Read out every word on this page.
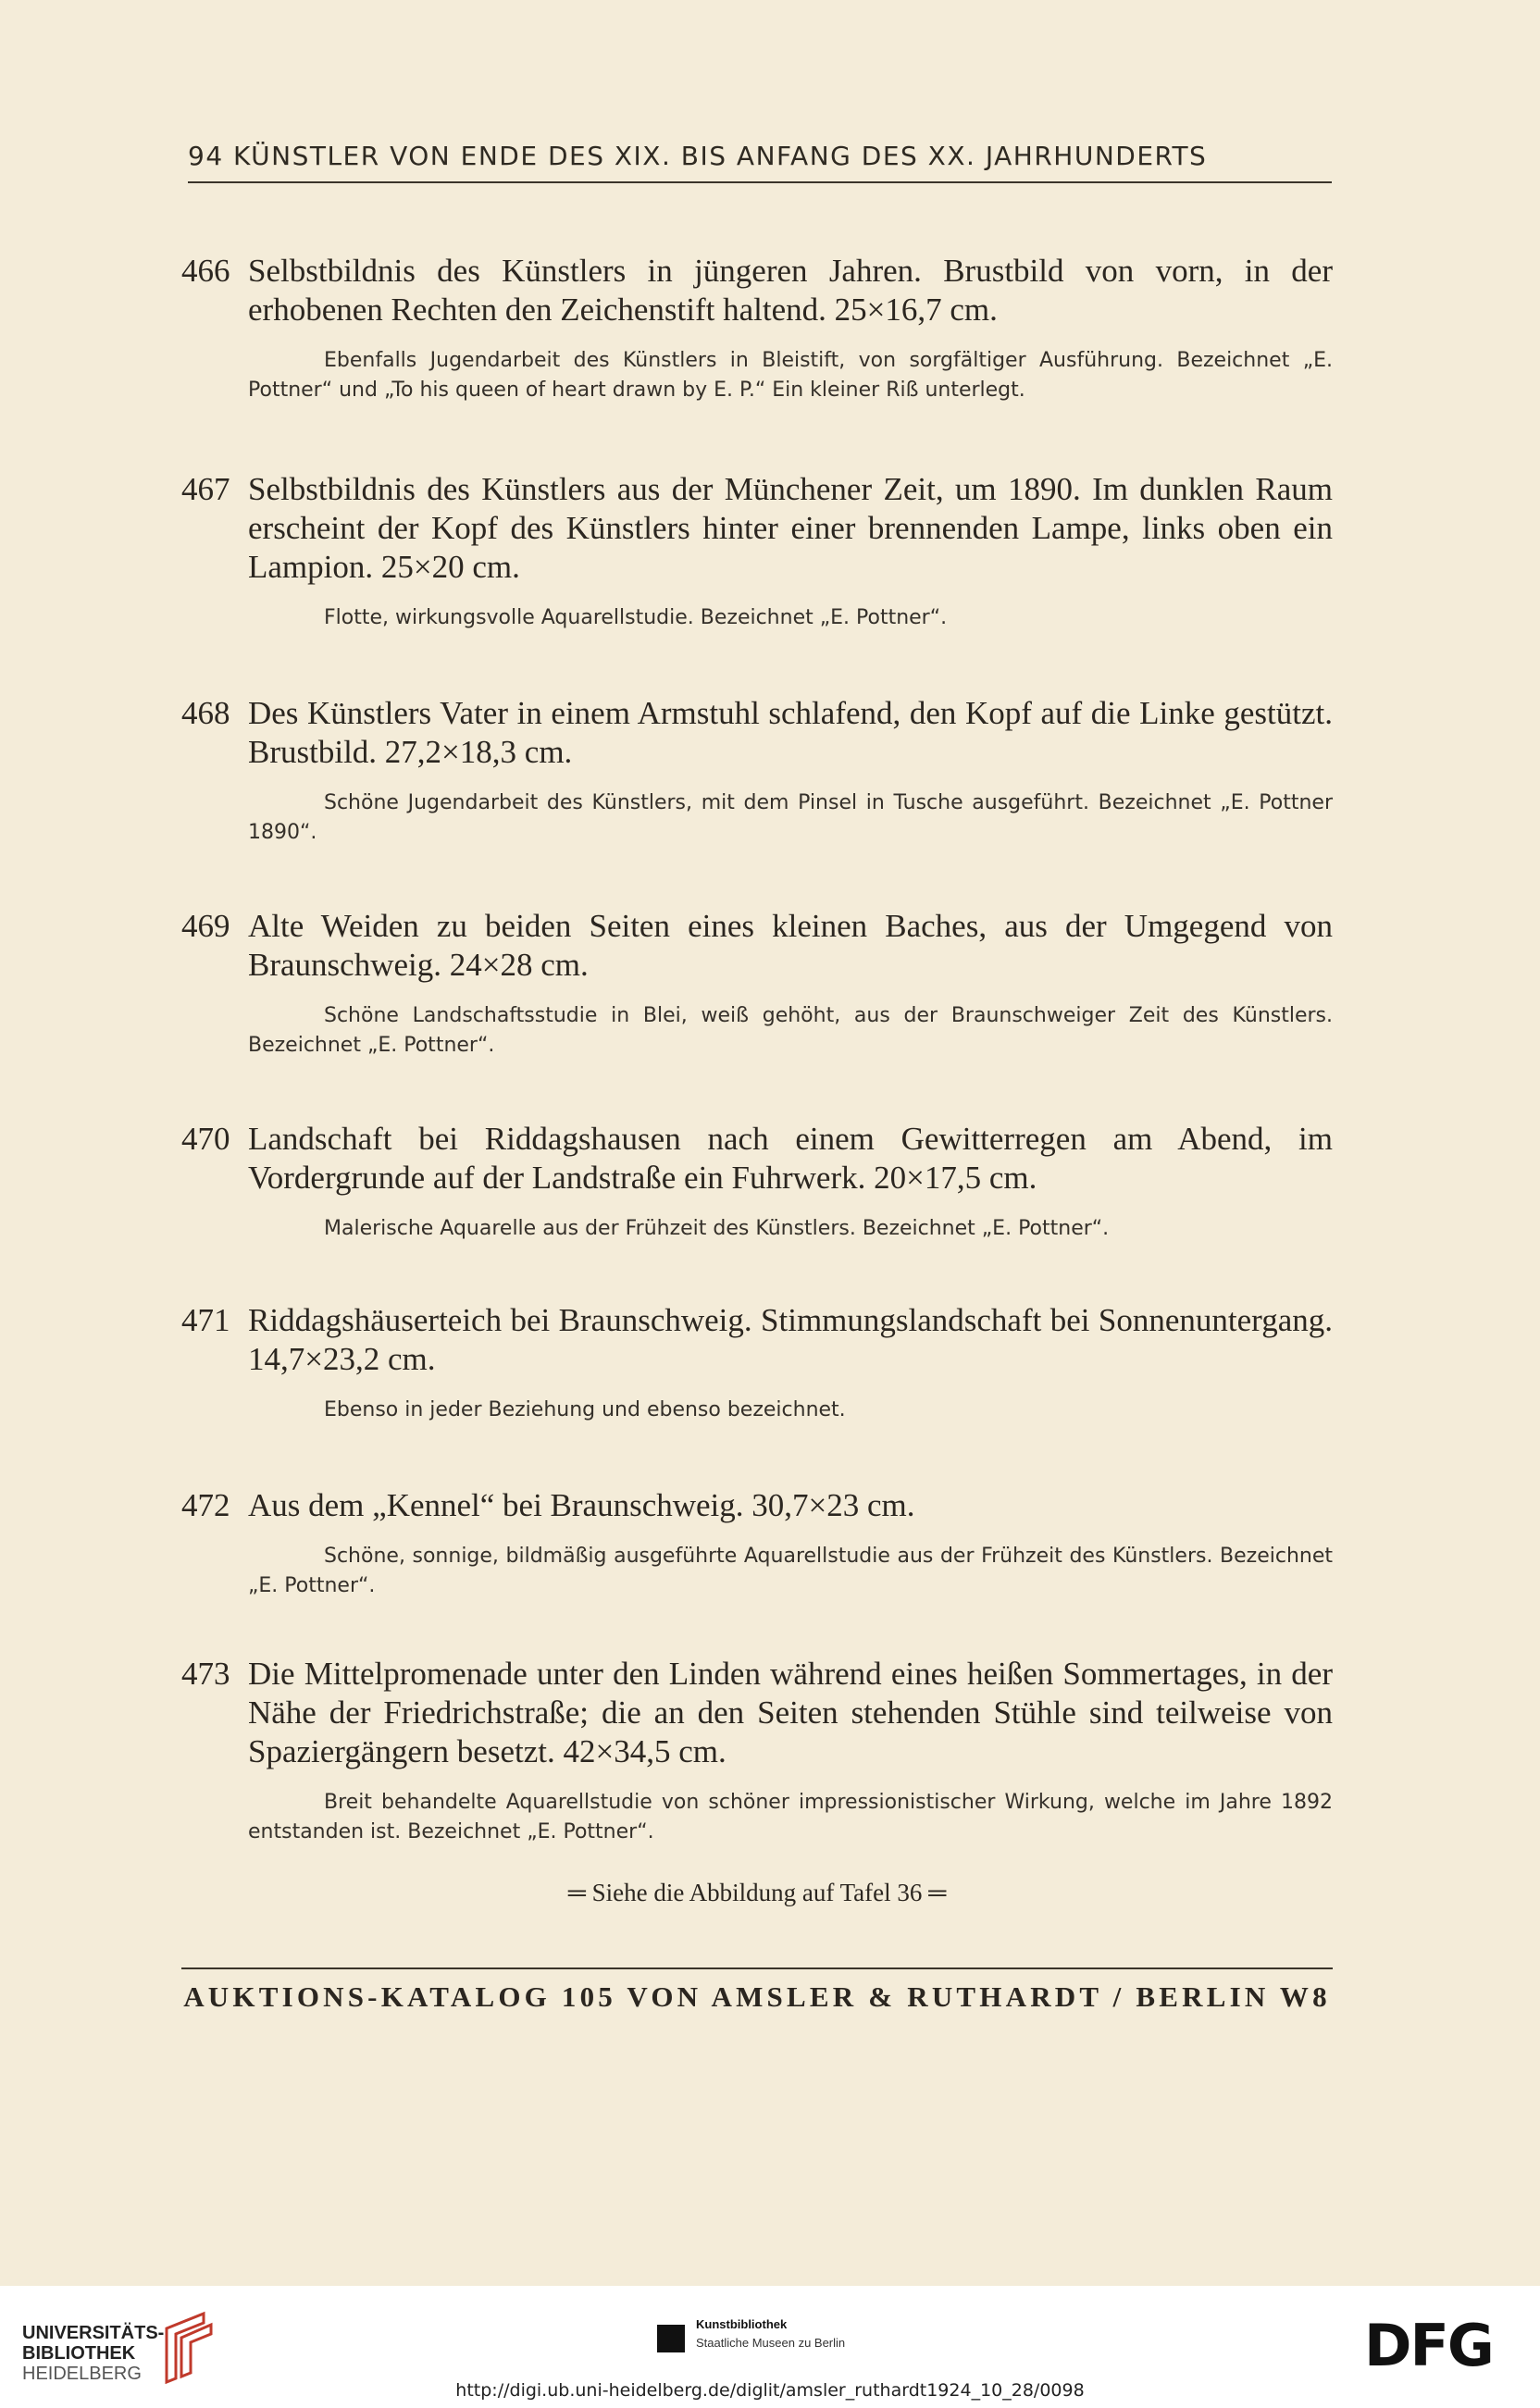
94 KÜNSTLER VON ENDE DES XIX. BIS ANFANG DES XX. JAHRHUNDERTS

466 Selbstbildnis des Künstlers in jüngeren Jahren. Brustbild von vorn, in der erhobenen Rechten den Zeichenstift haltend. 25×16,7 cm.

Ebenfalls Jugendarbeit des Künstlers in Bleistift, von sorgfältiger Ausführung. Bezeichnet „E. Pottner“ und „To his queen of heart drawn by E. P.“ Ein kleiner Riß unterlegt.

467 Selbstbildnis des Künstlers aus der Münchener Zeit, um 1890. Im dunklen Raum erscheint der Kopf des Künstlers hinter einer brennenden Lampe, links oben ein Lampion. 25×20 cm.

Flotte, wirkungsvolle Aquarellstudie. Bezeichnet „E. Pottner“.

468 Des Künstlers Vater in einem Armstuhl schlafend, den Kopf auf die Linke gestützt. Brustbild. 27,2×18,3 cm.

Schöne Jugendarbeit des Künstlers, mit dem Pinsel in Tusche ausgeführt. Bezeichnet „E. Pottner 1890“.

469 Alte Weiden zu beiden Seiten eines kleinen Baches, aus der Umgegend von Braunschweig. 24×28 cm.

Schöne Landschaftsstudie in Blei, weiß gehöht, aus der Braunschweiger Zeit des Künstlers. Bezeichnet „E. Pottner“.

470 Landschaft bei Riddagshausen nach einem Gewitterregen am Abend, im Vordergrunde auf der Landstraße ein Fuhrwerk. 20×17,5 cm.

Malerische Aquarelle aus der Frühzeit des Künstlers. Bezeichnet „E. Pottner“.

471 Riddagshäuserteich bei Braunschweig. Stimmungslandschaft bei Sonnenuntergang. 14,7×23,2 cm.

Ebenso in jeder Beziehung und ebenso bezeichnet.

472 Aus dem „Kennel“ bei Braunschweig. 30,7×23 cm.

Schöne, sonnige, bildmäßig ausgeführte Aquarellstudie aus der Frühzeit des Künstlers. Bezeichnet „E. Pottner“.

473 Die Mittelpromenade unter den Linden während eines heißen Sommertages, in der Nähe der Friedrichstraße; die an den Seiten stehenden Stühle sind teilweise von Spaziergängern besetzt. 42×34,5 cm.

Breit behandelte Aquarellstudie von schöner impressionistischer Wirkung, welche im Jahre 1892 entstanden ist. Bezeichnet „E. Pottner“.

═ Siehe die Abbildung auf Tafel 36 ═
AUKTIONS-KATALOG 105 VON AMSLER & RUTHARDT / BERLIN W8
UNIVERSITÄTS-
BIBLIOTHEK
HEIDELBERG
Kunstbibliothek
Staatliche Museen zu Berlin	DFG
http://digi.ub.uni-heidelberg.de/diglit/amsler_ruthardt1924_10_28/0098
